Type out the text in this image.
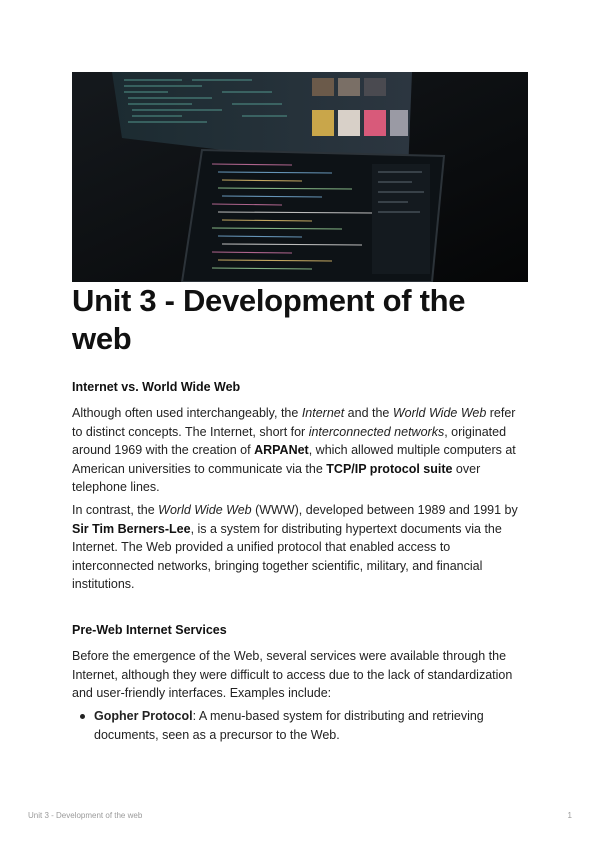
Unit 3 - Development of the web
Internet vs. World Wide Web

Although often used interchangeably, the Internet and the World Wide Web refer to distinct concepts. The Internet, short for interconnected networks, originated around 1969 with the creation of ARPANet, which allowed multiple computers at American universities to communicate via the TCP/IP protocol suite over telephone lines.

In contrast, the World Wide Web (WWW), developed between 1989 and 1991 by Sir Tim Berners-Lee, is a system for distributing hypertext documents via the Internet. The Web provided a unified protocol that enabled access to interconnected networks, bringing together scientific, military, and financial institutions.

Pre-Web Internet Services

Before the emergence of the Web, several services were available through the Internet, although they were difficult to access due to the lack of standardization and user-friendly interfaces. Examples include:

Gopher Protocol: A menu-based system for distributing and retrieving documents, seen as a precursor to the Web.
Unit 3 - Development of the web	1
